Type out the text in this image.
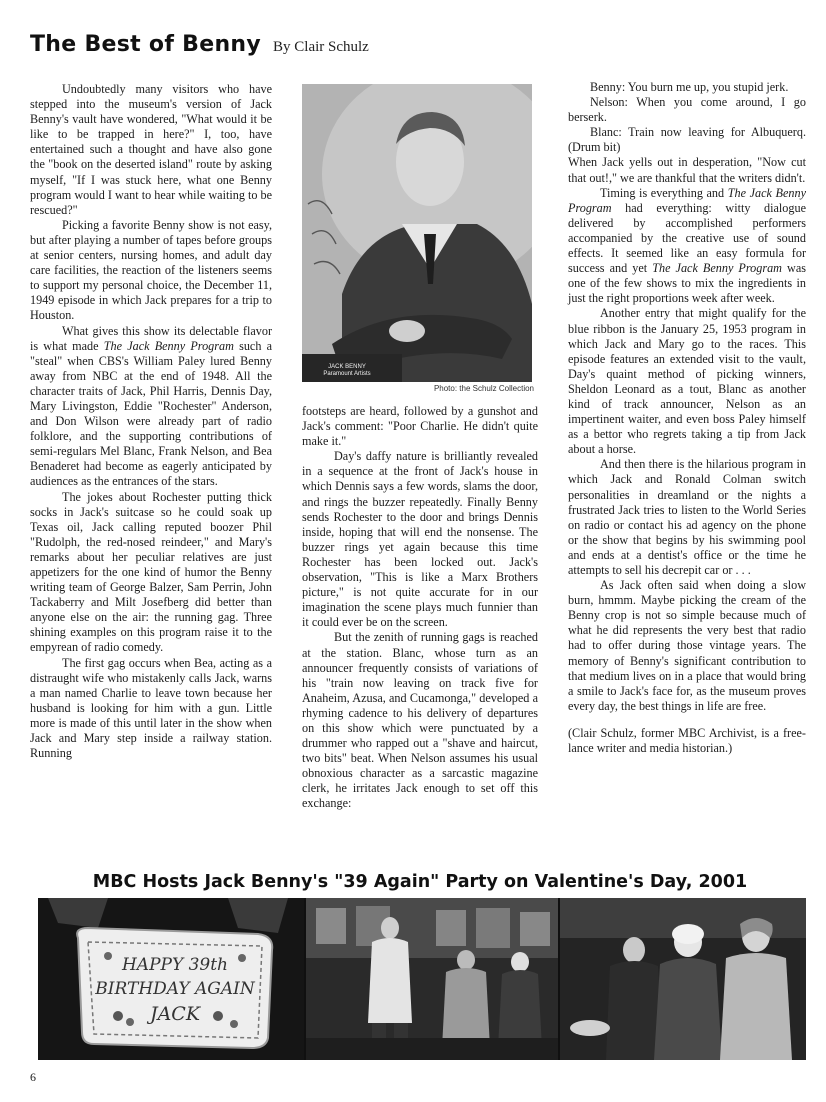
The Best of Benny By Clair Schulz

Undoubtedly many visitors who have stepped into the museum's version of Jack Benny's vault have wondered, "What would it be like to be trapped in here?" I, too, have entertained such a thought and have also gone the "book on the deserted island" route by asking myself, "If I was stuck here, what one Benny program would I want to hear while waiting to be rescued?"

Picking a favorite Benny show is not easy, but after playing a number of tapes before groups at senior centers, nursing homes, and adult day care facilities, the reaction of the listeners seems to support my personal choice, the December 11, 1949 episode in which Jack prepares for a trip to Houston.

What gives this show its delectable flavor is what made The Jack Benny Program such a "steal" when CBS's William Paley lured Benny away from NBC at the end of 1948. All the character traits of Jack, Phil Harris, Dennis Day, Mary Livingston, Eddie "Rochester" Anderson, and Don Wilson were already part of radio folklore, and the supporting contributions of semi-regulars Mel Blanc, Frank Nelson, and Bea Benaderet had become as eagerly anticipated by audiences as the entrances of the stars.

The jokes about Rochester putting thick socks in Jack's suitcase so he could soak up Texas oil, Jack calling reputed boozer Phil "Rudolph, the red-nosed reindeer," and Mary's remarks about her peculiar relatives are just appetizers for the one kind of humor the Benny writing team of George Balzer, Sam Perrin, John Tackaberry and Milt Josefberg did better than anyone else on the air: the running gag. Three shining examples on this program raise it to the empyrean of radio comedy.

The first gag occurs when Bea, acting as a distraught wife who mistakenly calls Jack, warns a man named Charlie to leave town because her husband is looking for him with a gun. Little more is made of this until later in the show when Jack and Mary step inside a railway station. Running

JACK BENNY
Paramount Artists
Photo: the Schulz Collection

footsteps are heard, followed by a gunshot and Jack's comment: "Poor Charlie. He didn't quite make it."

Day's daffy nature is brilliantly revealed in a sequence at the front of Jack's house in which Dennis says a few words, slams the door, and rings the buzzer repeatedly. Finally Benny sends Rochester to the door and brings Dennis inside, hoping that will end the nonsense. The buzzer rings yet again because this time Rochester has been locked out. Jack's observation, "This is like a Marx Brothers picture," is not quite accurate for in our imagination the scene plays much funnier than it could ever be on the screen.

But the zenith of running gags is reached at the station. Blanc, whose turn as an announcer frequently consists of variations of his "train now leaving on track five for Anaheim, Azusa, and Cucamonga," developed a rhyming cadence to his delivery of departures on this show which were punctuated by a drummer who rapped out a "shave and haircut, two bits" beat. When Nelson assumes his usual obnoxious character as a sarcastic magazine clerk, he irritates Jack enough to set off this exchange:

Benny: You burn me up, you stupid jerk.

Nelson: When you come around, I go berserk.

Blanc: Train now leaving for Albuquerq. (Drum bit)

When Jack yells out in desperation, "Now cut that out!," we are thankful that the writers didn't.

Timing is everything and The Jack Benny Program had everything: witty dialogue delivered by accomplished performers accompanied by the creative use of sound effects. It seemed like an easy formula for success and yet The Jack Benny Program was one of the few shows to mix the ingredients in just the right proportions week after week.

Another entry that might qualify for the blue ribbon is the January 25, 1953 program in which Jack and Mary go to the races. This episode features an extended visit to the vault, Day's quaint method of picking winners, Sheldon Leonard as a tout, Blanc as another kind of track announcer, Nelson as an impertinent waiter, and even boss Paley himself as a bettor who regrets taking a tip from Jack about a horse.

And then there is the hilarious program in which Jack and Ronald Colman switch personalities in dreamland or the nights a frustrated Jack tries to listen to the World Series on radio or contact his ad agency on the phone or the show that begins by his swimming pool and ends at a dentist's office or the time he attempts to sell his decrepit car or . . .

As Jack often said when doing a slow burn, hmmm. Maybe picking the cream of the Benny crop is not so simple because much of what he did represents the very best that radio had to offer during those vintage years. The memory of Benny's significant contribution to that medium lives on in a place that would bring a smile to Jack's face for, as the museum proves every day, the best things in life are free.

(Clair Schulz, former MBC Archivist, is a free-lance writer and media historian.)

MBC Hosts Jack Benny's "39 Again" Party on Valentine's Day, 2001
HAPPY 39th
BIRTHDAY AGAIN
JACK
6
